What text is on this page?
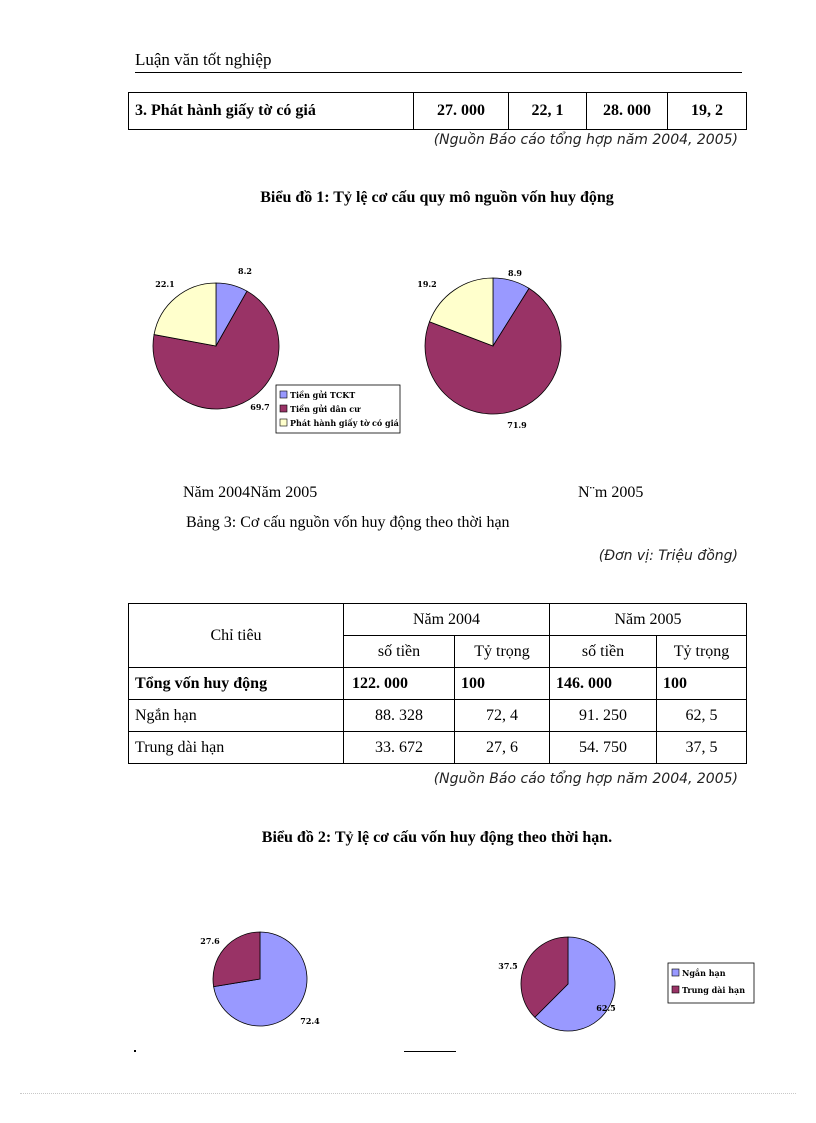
Luận văn tốt nghiệp
3. Phát hành giấy tờ có giá	27. 000	22, 1	28. 000	19, 2
(Nguồn Báo cáo tổng hợp năm 2004, 2005)
Biểu đồ 1: Tỷ lệ cơ cấu quy mô nguồn vốn huy động
8.2
69.7
22.1
Tiền gửi TCKT
Tiền gửi dân cư
Phát hành giấy tờ có giá
8.9
71.9
19.2
Năm 2004Năm 2005	N¨m 2005
Bảng 3: Cơ cấu nguồn vốn huy động theo thời hạn
(Đơn vị: Triệu đồng)
Chỉ tiêu	Năm 2004		Năm 2005	
	số tiền	Tỷ trọng	số tiền	Tỷ trọng
Tổng vốn huy động	122. 000	100	146. 000	100
Ngắn hạn	88. 328	72, 4	91. 250	62, 5
Trung dài hạn	33. 672	27, 6	54. 750	37, 5
(Nguồn Báo cáo tổng hợp năm 2004, 2005)
Biểu đồ 2: Tỷ lệ cơ cấu vốn huy động theo thời hạn.
72.4
27.6
62.5
37.5
Ngắn hạn
Trung dài hạn
